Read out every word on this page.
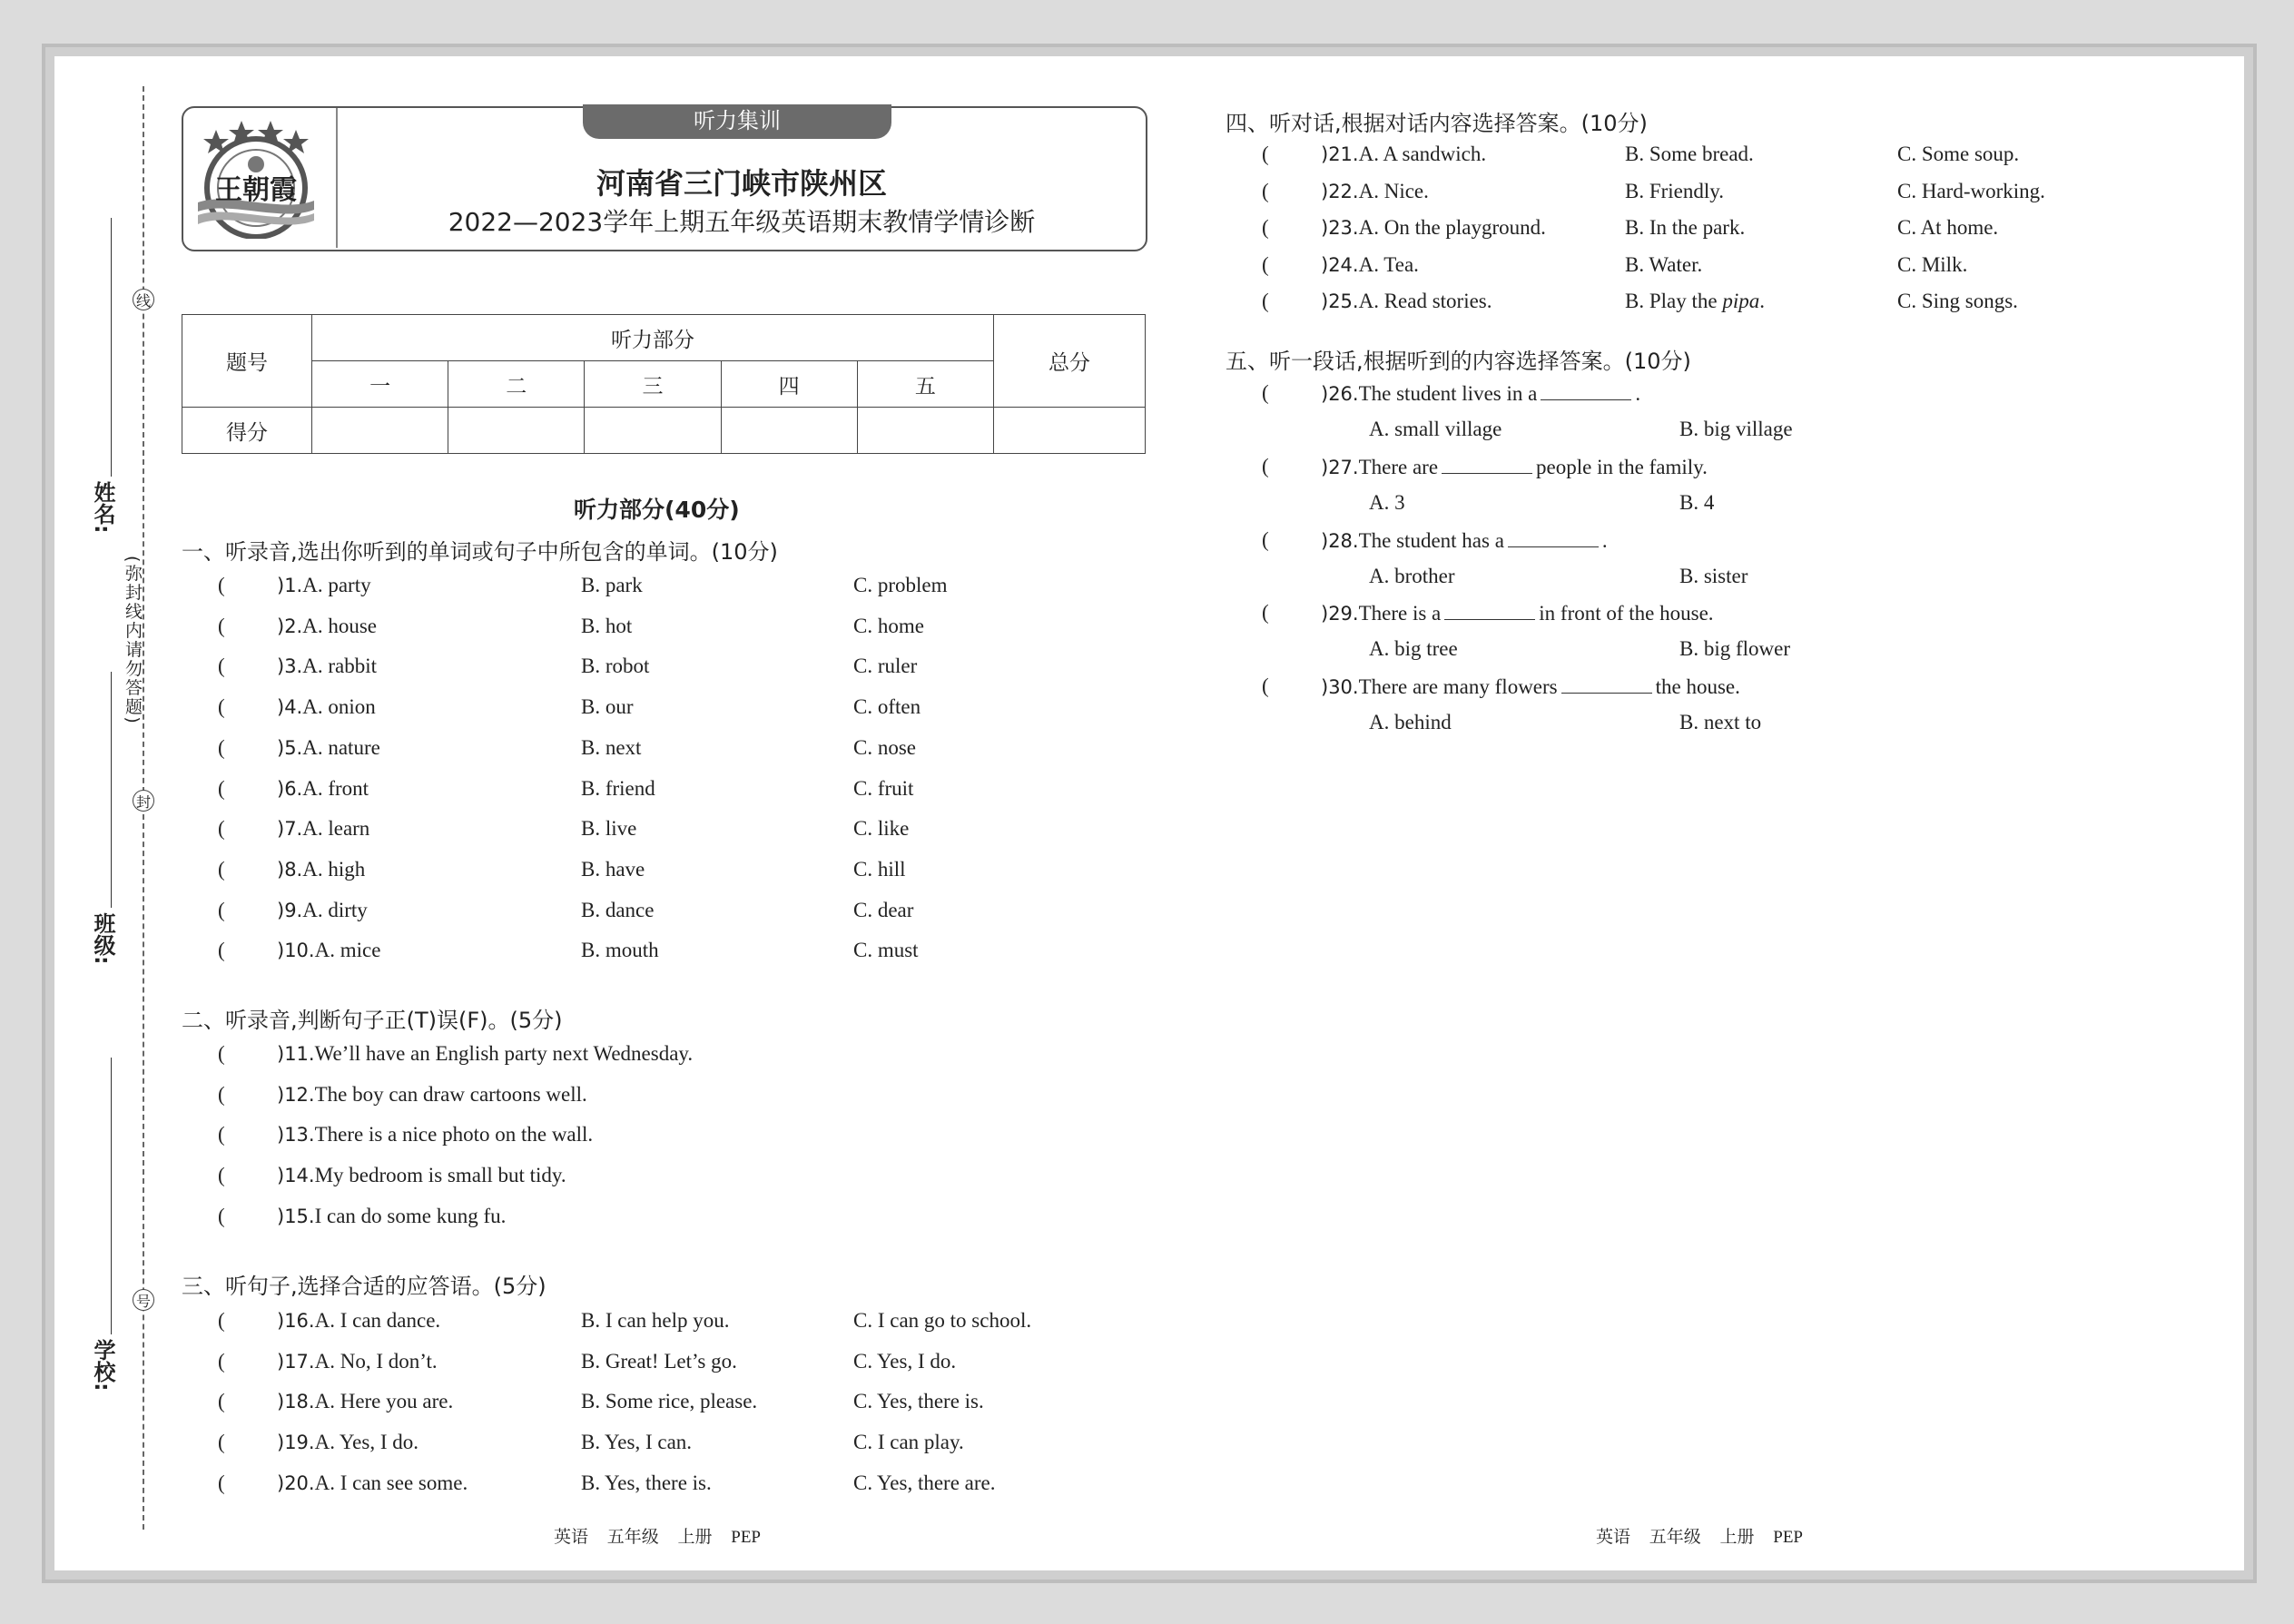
线
封
号
(弥封线内请勿答题)
姓名:
班级:
学校:
听力集训
王朝霞	河南省三门峡市陕州区
2022—2023学年上期五年级英语期末教情学情诊断
题号	听力部分					总分
	一	二	三	四	五	
得分						
听力部分(40分)
一、听录音,选出你听到的单词或句子中所包含的单词。(10分)
(	)1.A. party	B. park	C. problem
(	)2.A. house	B. hot	C. home
(	)3.A. rabbit	B. robot	C. ruler
(	)4.A. onion	B. our	C. often
(	)5.A. nature	B. next	C. nose
(	)6.A. front	B. friend	C. fruit
(	)7.A. learn	B. live	C. like
(	)8.A. high	B. have	C. hill
(	)9.A. dirty	B. dance	C. dear
(	)10.A. mice	B. mouth	C. must
二、听录音,判断句子正(T)误(F)。(5分)
(	)11.We’ll have an English party next Wednesday.
(	)12.The boy can draw cartoons well.
(	)13.There is a nice photo on the wall.
(	)14.My bedroom is small but tidy.
(	)15.I can do some kung fu.
三、听句子,选择合适的应答语。(5分)
(	)16.A. I can dance.	B. I can help you.	C. I can go to school.
(	)17.A. No, I don’t.	B. Great! Let’s go.	C. Yes, I do.
(	)18.A. Here you are.	B. Some rice, please.	C. Yes, there is.
(	)19.A. Yes, I do.	B. Yes, I can.	C. I can play.
(	)20.A. I can see some.	B. Yes, there is.	C. Yes, there are.
四、听对话,根据对话内容选择答案。(10分)
(	)21.A. A sandwich.	B. Some bread.	C. Some soup.
(	)22.A. Nice.	B. Friendly.	C. Hard-working.
(	)23.A. On the playground.	B. In the park.	C. At home.
(	)24.A. Tea.	B. Water.	C. Milk.
(	)25.A. Read stories.	B. Play the pipa.	C. Sing songs.
五、听一段话,根据听到的内容选择答案。(10分)
(	)26.The student lives in a	.
A. small village	B. big village
(	)27.There are	people in the family.
A. 3	B. 4
(	)28.The student has a	.
A. brother	B. sister
(	)29.There is a	in front of the house.
A. big tree	B. big flower
(	)30.There are many flowers	the house.
A. behind	B. next to
英语 五年级 上册 PEP	英语 五年级 上册 PEP
